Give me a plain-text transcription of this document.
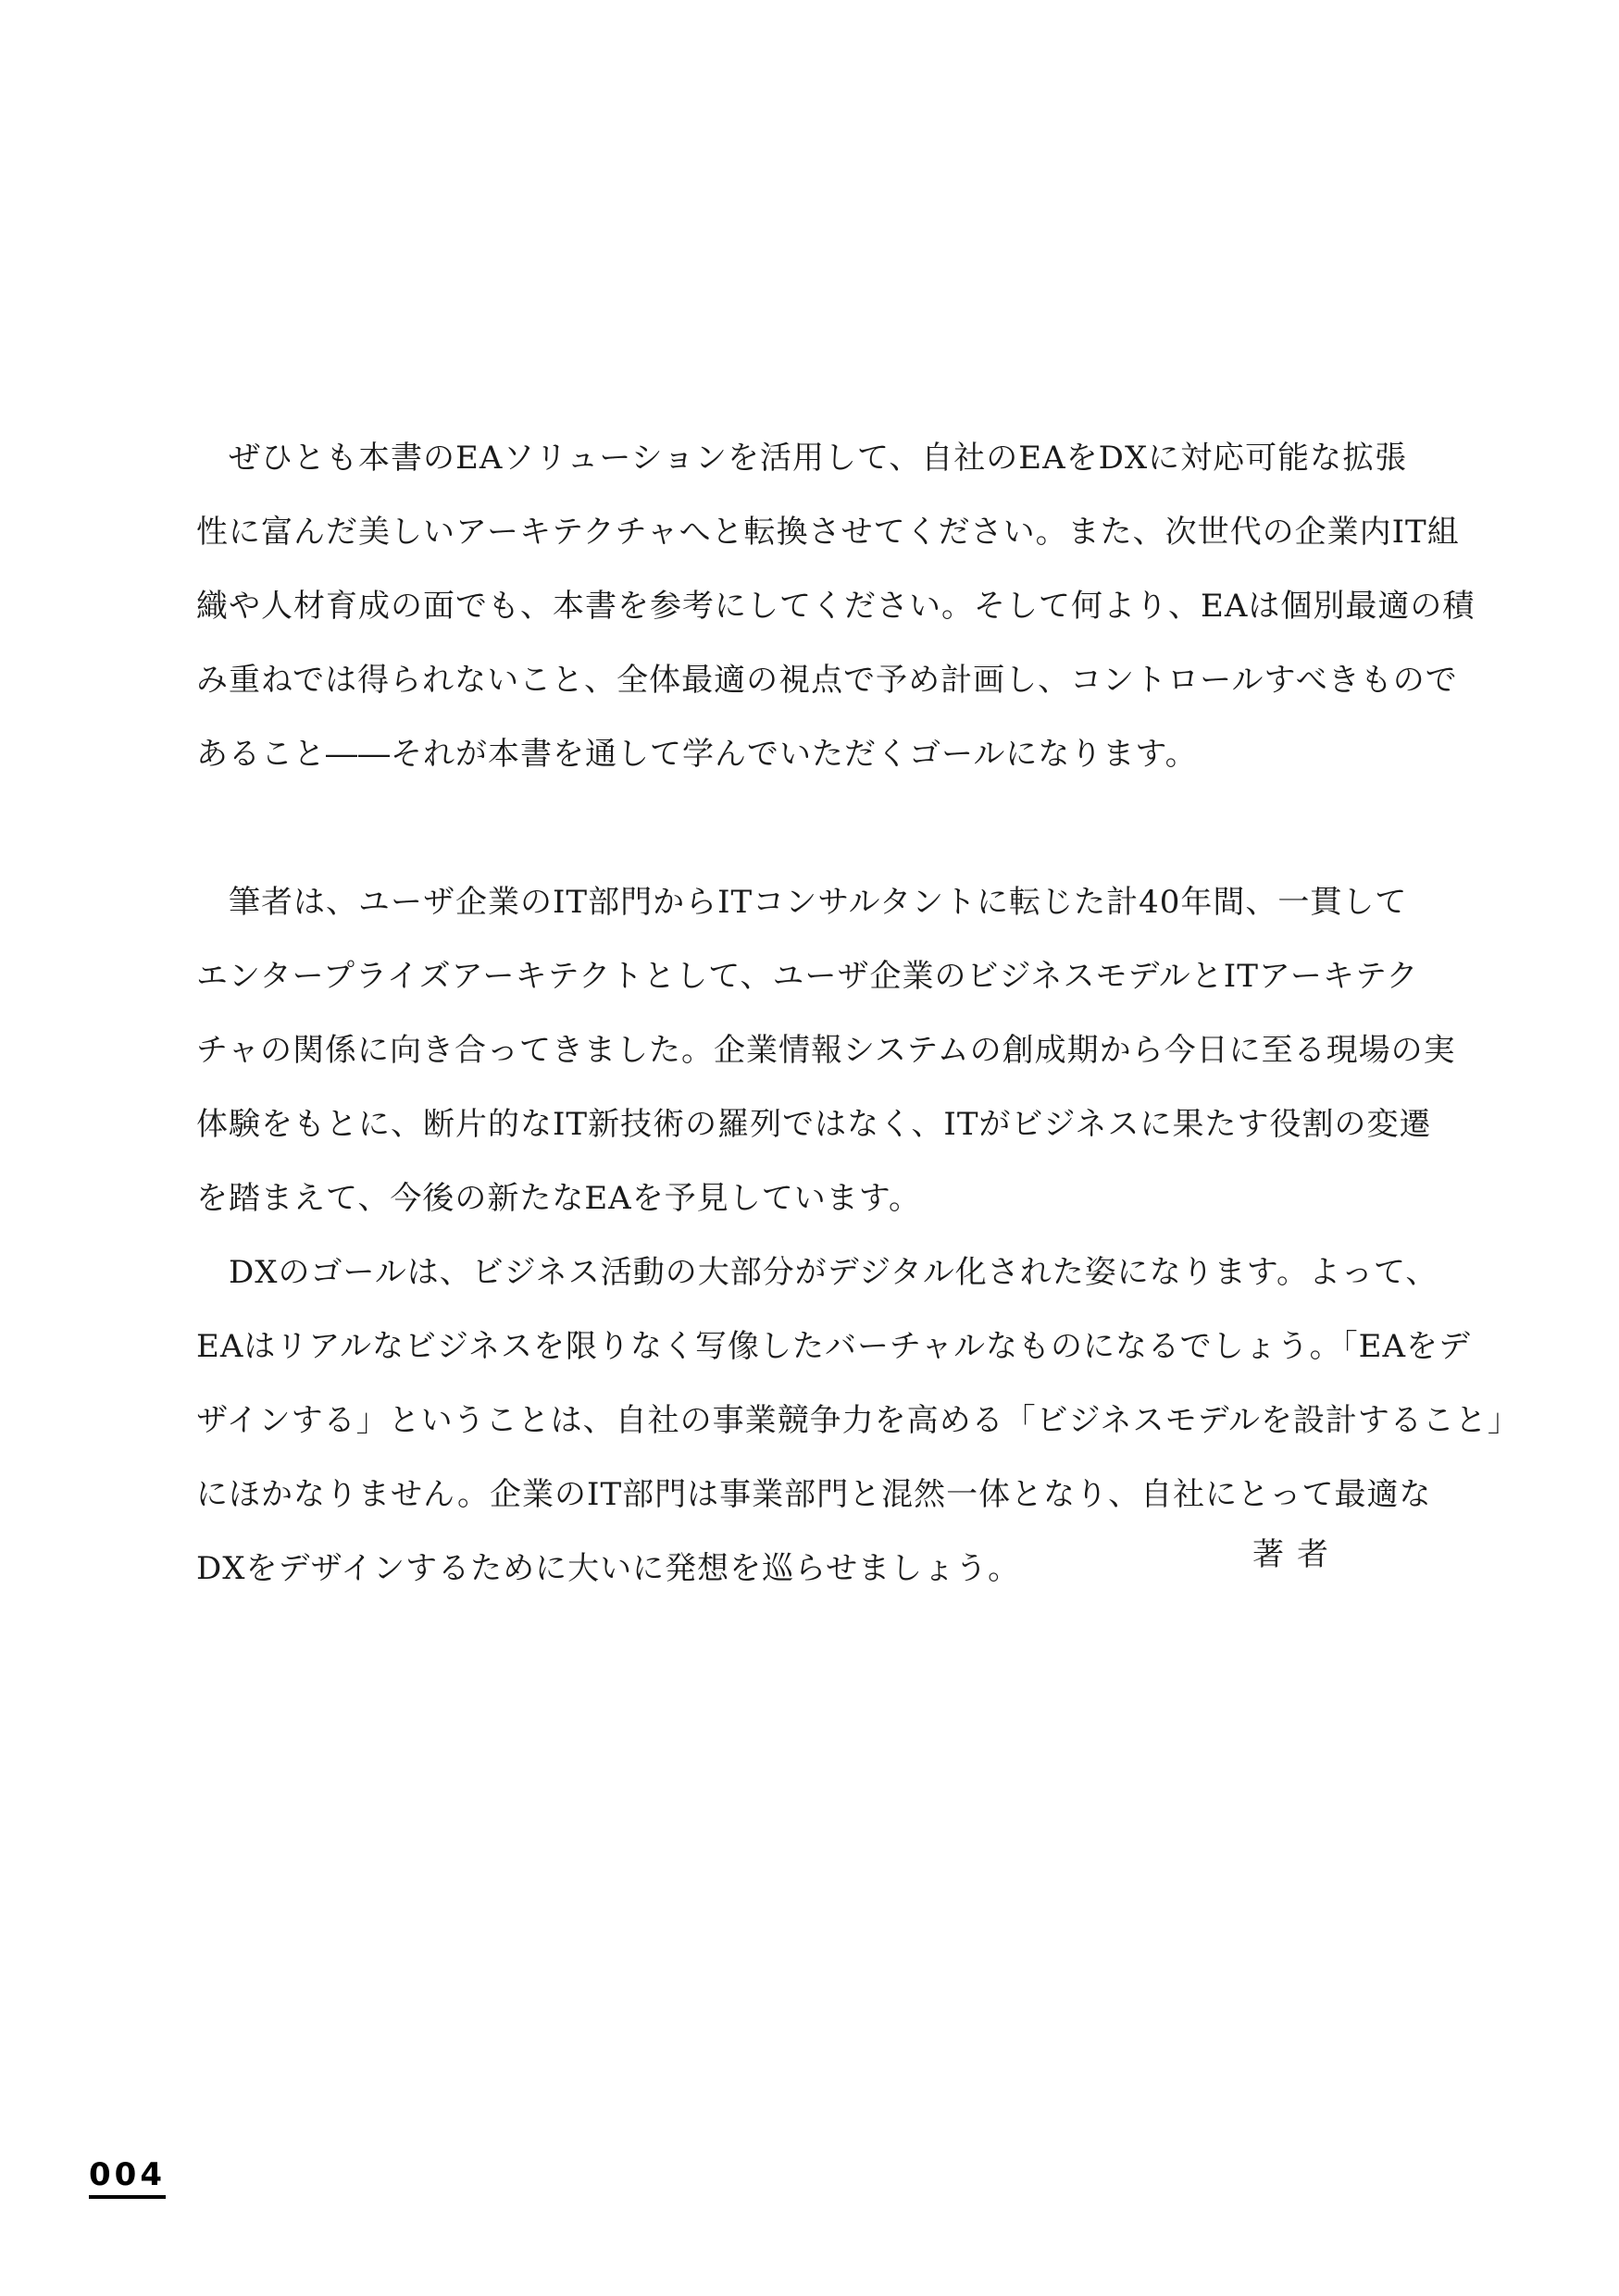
　ぜひとも本書のEAソリューションを活用して、自社のEAをDXに対応可能な拡張
性に富んだ美しいアーキテクチャへと転換させてください。また、次世代の企業内IT組
織や人材育成の面でも、本書を参考にしてください。そして何より、EAは個別最適の積
み重ねでは得られないこと、全体最適の視点で予め計画し、コントロールすべきもので
あること――それが本書を通して学んでいただくゴールになります。

　筆者は、ユーザ企業のIT部門からITコンサルタントに転じた計40年間、一貫して
エンタープライズアーキテクトとして、ユーザ企業のビジネスモデルとITアーキテク
チャの関係に向き合ってきました。企業情報システムの創成期から今日に至る現場の実
体験をもとに、断片的なIT新技術の羅列ではなく、ITがビジネスに果たす役割の変遷
を踏まえて、今後の新たなEAを予見しています。

　DXのゴールは、ビジネス活動の大部分がデジタル化された姿になります。よって、
EAはリアルなビジネスを限りなく写像したバーチャルなものになるでしょう。「EAをデ
ザインする」ということは、自社の事業競争力を高める「ビジネスモデルを設計すること」
にほかなりません。企業のIT部門は事業部門と混然一体となり、自社にとって最適な
DXをデザインするために大いに発想を巡らせましょう。	著者
004
